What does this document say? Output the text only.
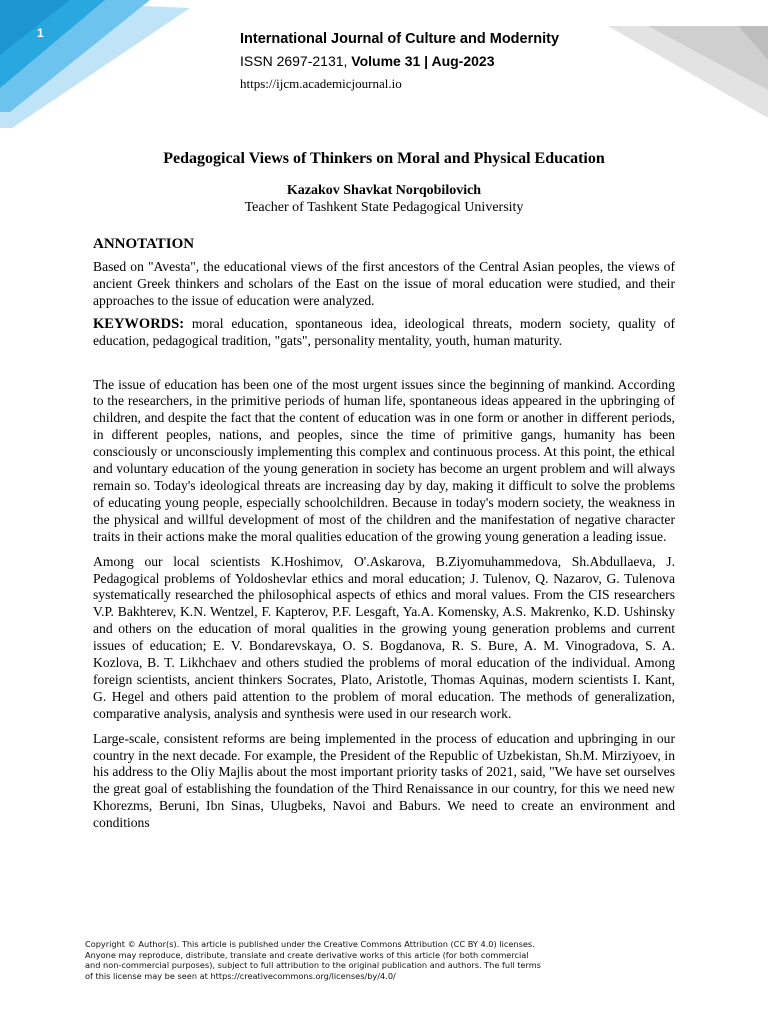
1	International Journal of Culture and Modernity
ISSN 2697-2131, Volume 31 | Aug-2023
https://ijcm.academicjournal.io
Pedagogical Views of Thinkers on Moral and Physical Education
Kazakov Shavkat Norqobilovich
Teacher of Tashkent State Pedagogical University
ANNOTATION

Based on "Avesta", the educational views of the first ancestors of the Central Asian peoples, the views of ancient Greek thinkers and scholars of the East on the issue of moral education were studied, and their approaches to the issue of education were analyzed.

KEYWORDS: moral education, spontaneous idea, ideological threats, modern society, quality of education, pedagogical tradition, "gats", personality mentality, youth, human maturity.

The issue of education has been one of the most urgent issues since the beginning of mankind. According to the researchers, in the primitive periods of human life, spontaneous ideas appeared in the upbringing of children, and despite the fact that the content of education was in one form or another in different periods, in different peoples, nations, and peoples, since the time of primitive gangs, humanity has been consciously or unconsciously implementing this complex and continuous process. At this point, the ethical and voluntary education of the young generation in society has become an urgent problem and will always remain so. Today's ideological threats are increasing day by day, making it difficult to solve the problems of educating young people, especially schoolchildren. Because in today's modern society, the weakness in the physical and willful development of most of the children and the manifestation of negative character traits in their actions make the moral qualities education of the growing young generation a leading issue.

Among our local scientists K.Hoshimov, O'.Askarova, B.Ziyomuhammedova, Sh.Abdullaeva, J. Pedagogical problems of Yoldoshevlar ethics and moral education; J. Tulenov, Q. Nazarov, G. Tulenova systematically researched the philosophical aspects of ethics and moral values. From the CIS researchers V.P. Bakhterev, K.N. Wentzel, F. Kapterov, P.F. Lesgaft, Ya.A. Komensky, A.S. Makrenko, K.D. Ushinsky and others on the education of moral qualities in the growing young generation problems and current issues of education; E. V. Bondarevskaya, O. S. Bogdanova, R. S. Bure, A. M. Vinogradova, S. A. Kozlova, B. T. Likhchaev and others studied the problems of moral education of the individual. Among foreign scientists, ancient thinkers Socrates, Plato, Aristotle, Thomas Aquinas, modern scientists I. Kant, G. Hegel and others paid attention to the problem of moral education. The methods of generalization, comparative analysis, analysis and synthesis were used in our research work.

Large-scale, consistent reforms are being implemented in the process of education and upbringing in our country in the next decade. For example, the President of the Republic of Uzbekistan, Sh.M. Mirziyoev, in his address to the Oliy Majlis about the most important priority tasks of 2021, said, "We have set ourselves the great goal of establishing the foundation of the Third Renaissance in our country, for this we need new Khorezms, Beruni, Ibn Sinas, Ulugbeks, Navoi and Baburs. We need to create an environment and conditions

Copyright © Author(s). This article is published under the Creative Commons Attribution (CC BY 4.0) licenses.
Anyone may reproduce, distribute, translate and create derivative works of this article (for both commercial
and non-commercial purposes), subject to full attribution to the original publication and authors. The full terms
of this license may be seen at https://creativecommons.org/licenses/by/4.0/
